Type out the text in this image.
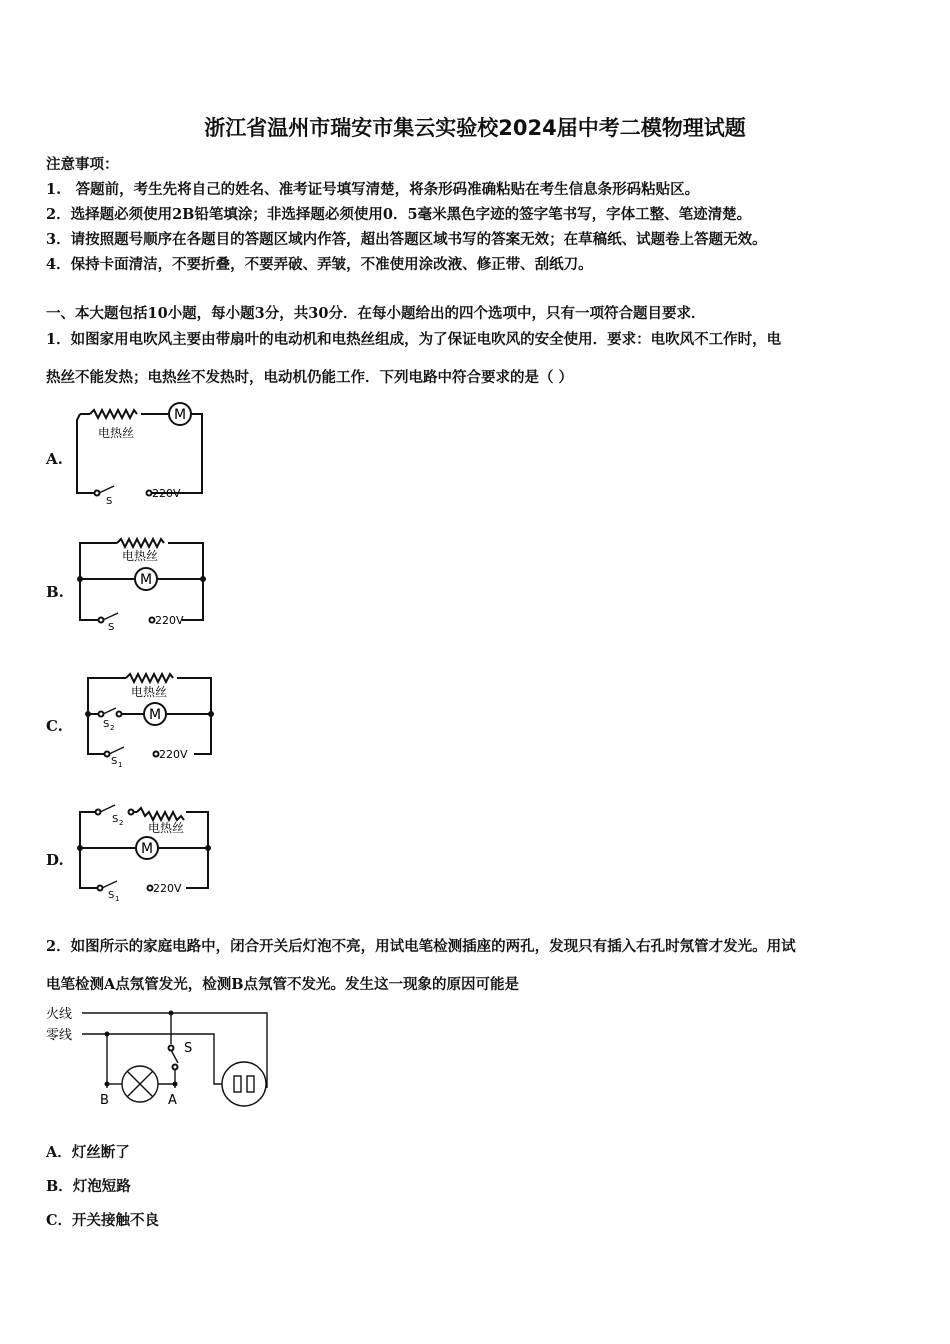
浙江省温州市瑞安市集云实验校2024届中考二模物理试题
注意事项：
1.　答题前，考生先将自己的姓名、准考证号填写清楚，将条形码准确粘贴在考生信息条形码粘贴区。
2．选择题必须使用2B铅笔填涂；非选择题必须使用0．5毫米黑色字迹的签字笔书写，字体工整、笔迹清楚。
3．请按照题号顺序在各题目的答题区域内作答，超出答题区域书写的答案无效；在草稿纸、试题卷上答题无效。
4．保持卡面清洁，不要折叠，不要弄破、弄皱，不准使用涂改液、修正带、刮纸刀。
一、本大题包括10小题，每小题3分，共30分．在每小题给出的四个选项中，只有一项符合题目要求．
1．如图家用电吹风主要由带扇叶的电动机和电热丝组成，为了保证电吹风的安全使用．要求：电吹风不工作时，电
热丝不能发热；电热丝不发热时，电动机仍能工作．下列电路中符合要求的是（ ）
A.
M
电热丝
S
220V
B.
M
电热丝
S
220V
C.
M
电热丝
S 2
S 1
220V
D.
M
电热丝
S 2
S 1
220V
2．如图所示的家庭电路中，闭合开关后灯泡不亮，用试电笔检测插座的两孔，发现只有插入右孔时氖管才发光。用试
电笔检测A点氖管发光，检测B点氖管不发光。发生这一现象的原因可能是
火线
零线
S
B	A
A．灯丝断了
B．灯泡短路
C．开关接触不良
